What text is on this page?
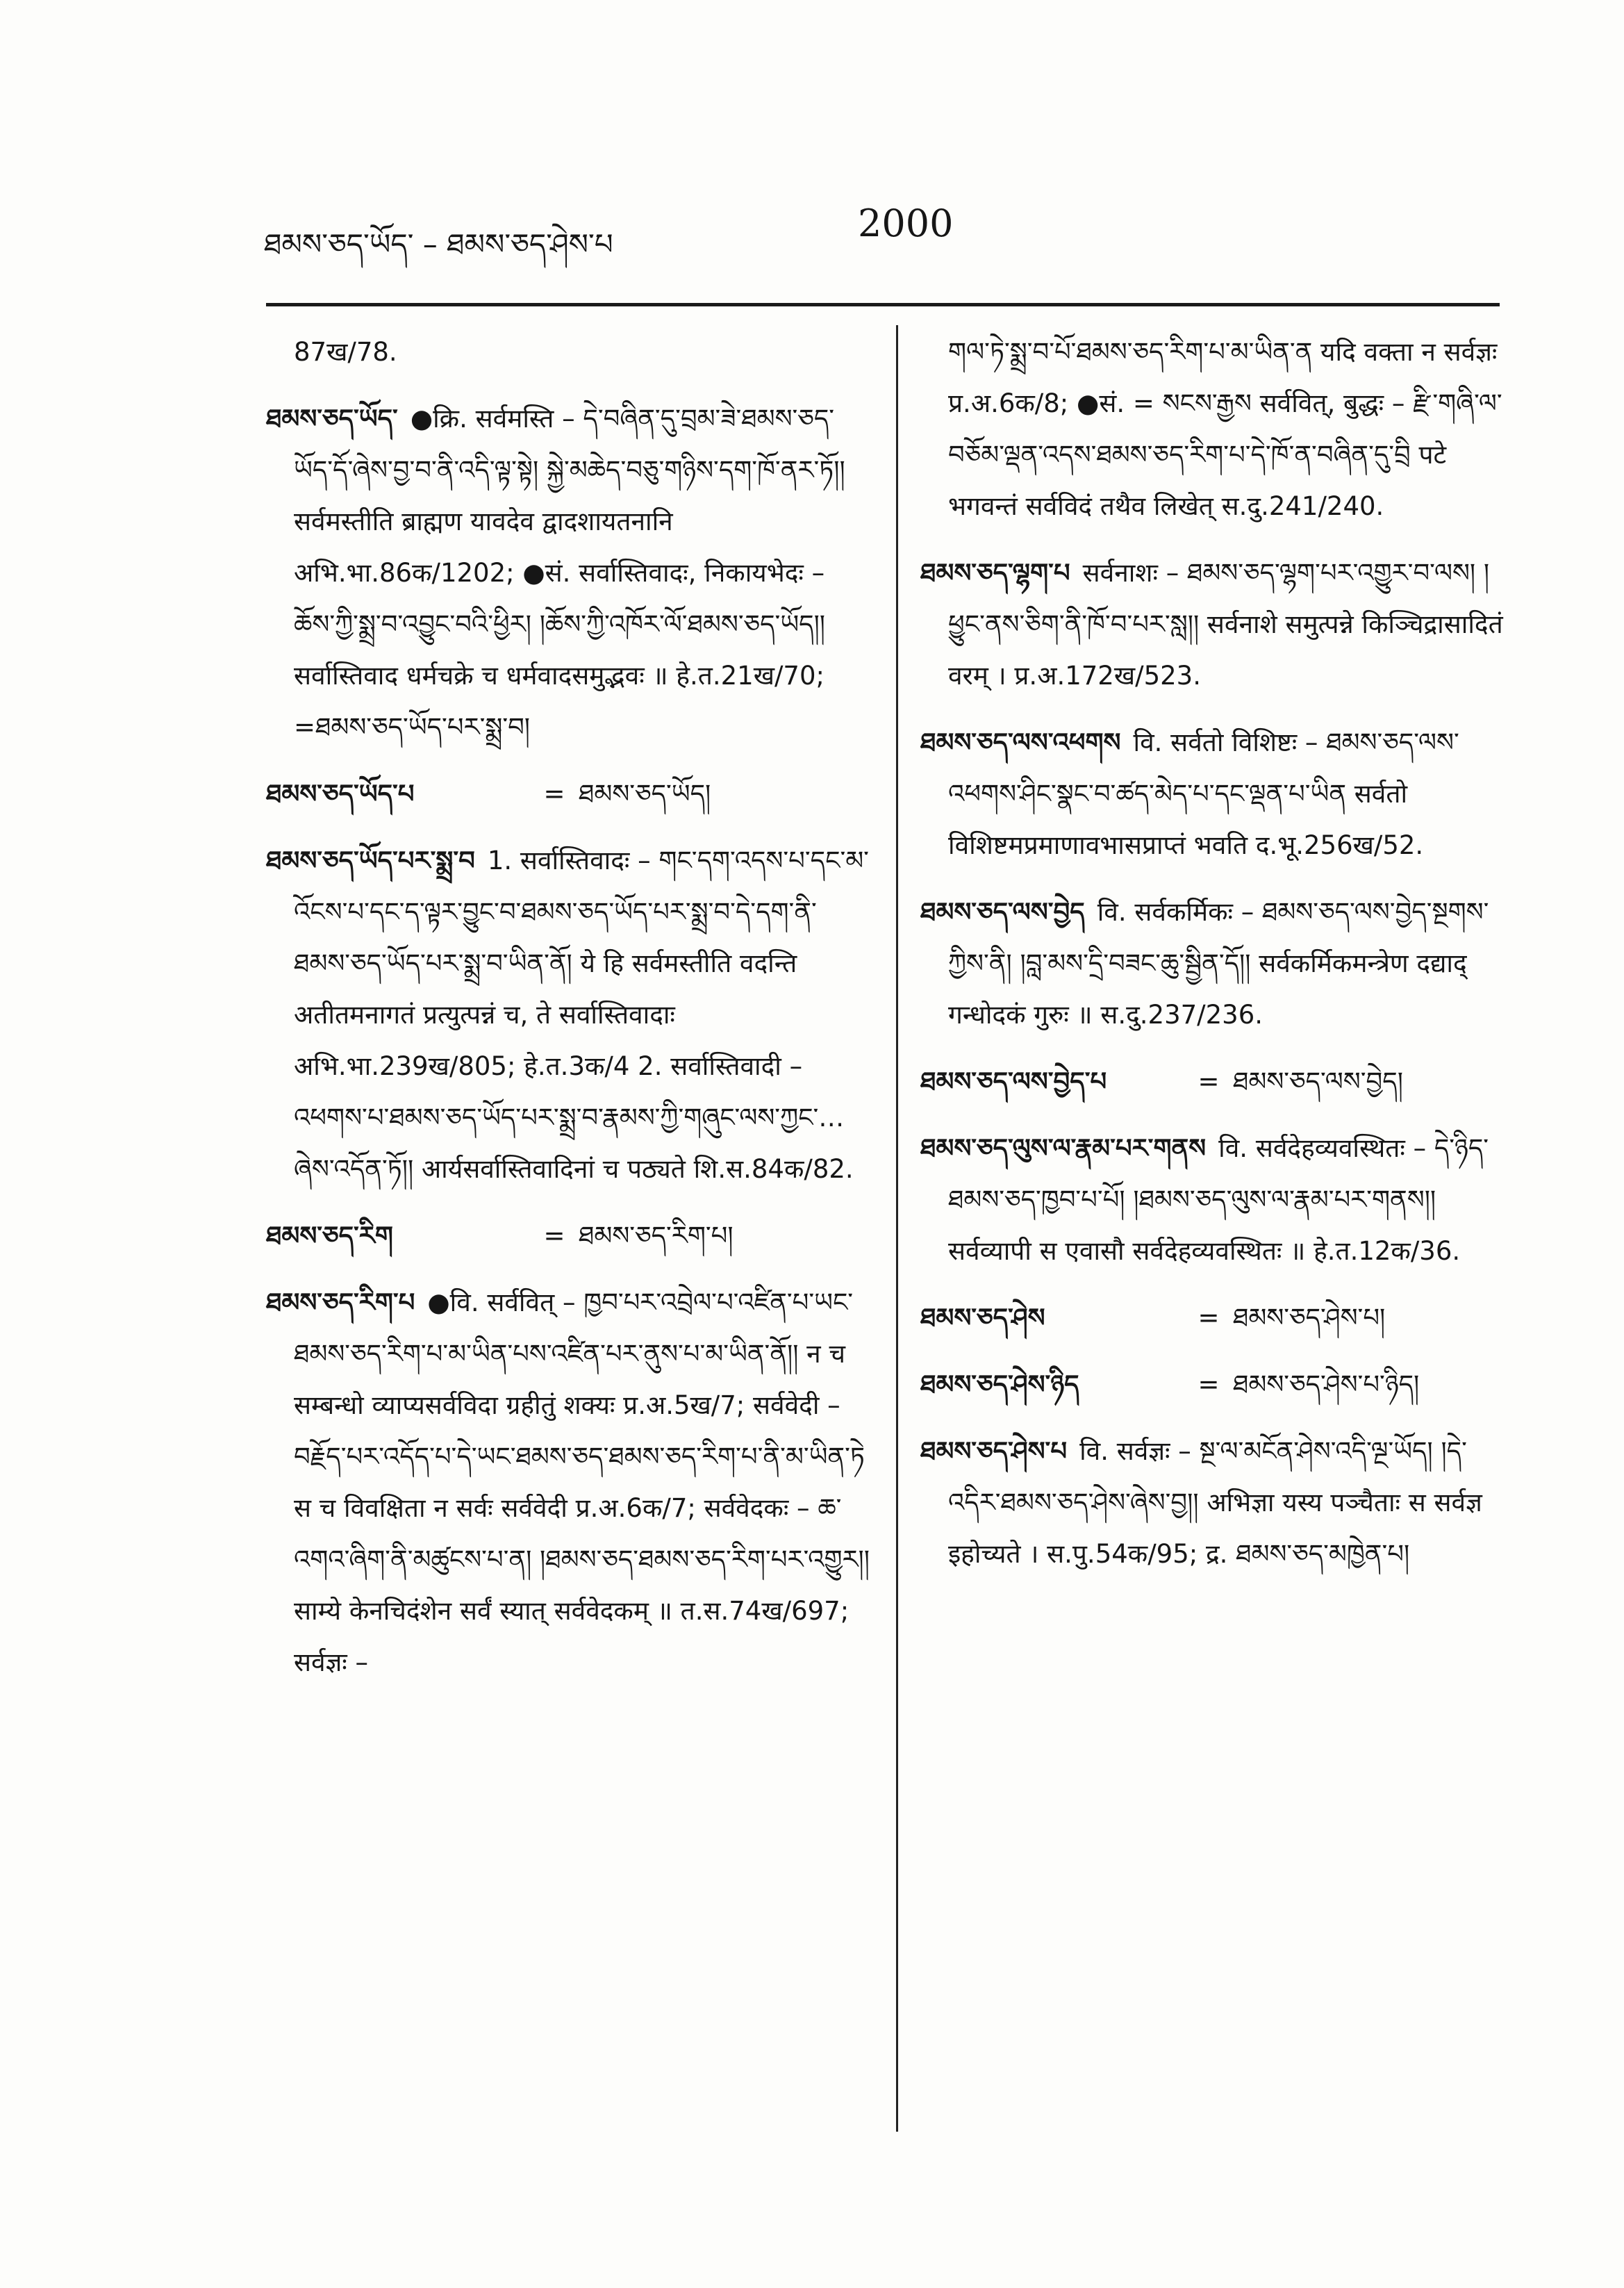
ཐམས་ཅད་ཡོད་ – ཐམས་ཅད་ཤེས་པ	2000
87ख/78.
ཐམས་ཅད་ཡོད་ ●क्रि. सर्वमस्ति – དེ་བཞིན་དུ་བྲམ་ཟེ་ཐམས་ཅད་ཡོད་དོ་ཞེས་བྱ་བ་ནི་འདི་ལྟ་སྟེ། སྐྱེ་མཆེད་བཅུ་གཉིས་དག་ཁོ་ནར་ཏོ།། सर्वमस्तीति ब्राह्मण यावदेव द्वादशायतनानि अभि.भा.86क/1202; ●सं. सर्वास्तिवादः, निकायभेदः – ཆོས་ཀྱི་སྨྲ་བ་འབྱུང་བའི་ཕྱིར། །ཆོས་ཀྱི་འཁོར་ལོ་ཐམས་ཅད་ཡོད།། सर्वास्तिवाद धर्मचक्रे च धर्मवादसमुद्भवः ॥ हे.त.21ख/70; =ཐམས་ཅད་ཡོད་པར་སྨྲ་བ།
ཐམས་ཅད་ཡོད་པ	= ཐམས་ཅད་ཡོད།
ཐམས་ཅད་ཡོད་པར་སྨྲ་བ 1. सर्वास्तिवादः – གང་དག་འདས་པ་དང་མ་འོངས་པ་དང་ད་ལྟར་བྱུང་བ་ཐམས་ཅད་ཡོད་པར་སྨྲ་བ་དེ་དག་ནི་ཐམས་ཅད་ཡོད་པར་སྨྲ་བ་ཡིན་ནོ། ये हि सर्वमस्तीति वदन्ति अतीतमनागतं प्रत्युत्पन्नं च, ते सर्वास्तिवादाः अभि.भा.239ख/805; हे.त.3क/4 2. सर्वास्तिवादी – འཕགས་པ་ཐམས་ཅད་ཡོད་པར་སྨྲ་བ་རྣམས་ཀྱི་གཞུང་ལས་ཀྱང་…ཞེས་འདོན་ཏོ།། आर्यसर्वास्तिवादिनां च पठ्यते शि.स.84क/82.
ཐམས་ཅད་རིག	= ཐམས་ཅད་རིག་པ།
ཐམས་ཅད་རིག་པ ●वि. सर्ववित् – ཁྱབ་པར་འབྲེལ་པ་འཛིན་པ་ཡང་ཐམས་ཅད་རིག་པ་མ་ཡིན་པས་འཛིན་པར་ནུས་པ་མ་ཡིན་ནོ།། न च सम्बन्धो व्याप्यसर्वविदा ग्रहीतुं शक्यः प्र.अ.5ख/7; सर्ववेदी – བརྗོད་པར་འདོད་པ་དེ་ཡང་ཐམས་ཅད་ཐམས་ཅད་རིག་པ་ནི་མ་ཡིན་ཏེ स च विवक्षिता न सर्वः सर्ववेदी प्र.अ.6क/7; सर्ववेदकः – ཆ་འགའ་ཞིག་ནི་མཚུངས་པ་ན། །ཐམས་ཅད་ཐམས་ཅད་རིག་པར་འགྱུར།། साम्ये केनचिदंशेन सर्वं स्यात् सर्ववेदकम् ॥ त.स.74ख/697; सर्वज्ञः –
གལ་ཏེ་སྨྲ་བ་པོ་ཐམས་ཅད་རིག་པ་མ་ཡིན་ན यदि वक्ता न सर्वज्ञः प्र.अ.6क/8; ●सं. = སངས་རྒྱས सर्ववित्, बुद्धः – རྫི་གཞི་ལ་བཅོམ་ལྡན་འདས་ཐམས་ཅད་རིག་པ་དེ་ཁོ་ན་བཞིན་དུ་བྲི पटे भगवन्तं सर्वविदं तथैव लिखेत् स.दु.241/240.
ཐམས་ཅད་ལྷག་པ सर्वनाशः – ཐམས་ཅད་ལྷག་པར་འགྱུར་བ་ལས། །ཕྱུང་ནས་ཅིག་ནི་ཁོ་བ་པར་སླ།། सर्वनाशे समुत्पन्ने किञ्चिद्रासादितं वरम् । प्र.अ.172ख/523.
ཐམས་ཅད་ལས་འཕགས वि. सर्वतो विशिष्टः – ཐམས་ཅད་ལས་འཕགས་ཤིང་སྣང་བ་ཚད་མེད་པ་དང་ལྡན་པ་ཡིན सर्वतो विशिष्टमप्रमाणावभासप्राप्तं भवति द.भू.256ख/52.
ཐམས་ཅད་ལས་བྱེད वि. सर्वकर्मिकः – ཐམས་ཅད་ལས་བྱེད་སྔགས་ཀྱིས་ནི། །བླ་མས་དྲི་བཟང་ཆུ་སྦྱིན་དོ།། सर्वकर्मिकमन्त्रेण दद्याद् गन्धोदकं गुरुः ॥ स.दु.237/236.
ཐམས་ཅད་ལས་བྱེད་པ	= ཐམས་ཅད་ལས་བྱེད།
ཐམས་ཅད་ལུས་ལ་རྣམ་པར་གནས वि. सर्वदेहव्यवस्थितः – དེ་ཉིད་ཐམས་ཅད་ཁྱབ་པ་པོ། །ཐམས་ཅད་ལུས་ལ་རྣམ་པར་གནས།། सर्वव्यापी स एवासौ सर्वदेहव्यवस्थितः ॥ हे.त.12क/36.
ཐམས་ཅད་ཤེས	= ཐམས་ཅད་ཤེས་པ།
ཐམས་ཅད་ཤེས་ཉིད	= ཐམས་ཅད་ཤེས་པ་ཉིད།
ཐམས་ཅད་ཤེས་པ वि. सर्वज्ञः – སྔ་ལ་མངོན་ཤེས་འདི་ལྔ་ཡོད། །དེ་འདིར་ཐམས་ཅད་ཤེས་ཞེས་བྱ།། अभिज्ञा यस्य पञ्चैताः स सर्वज्ञ इहोच्यते । स.पु.54क/95; द्र. ཐམས་ཅད་མཁྱེན་པ།
